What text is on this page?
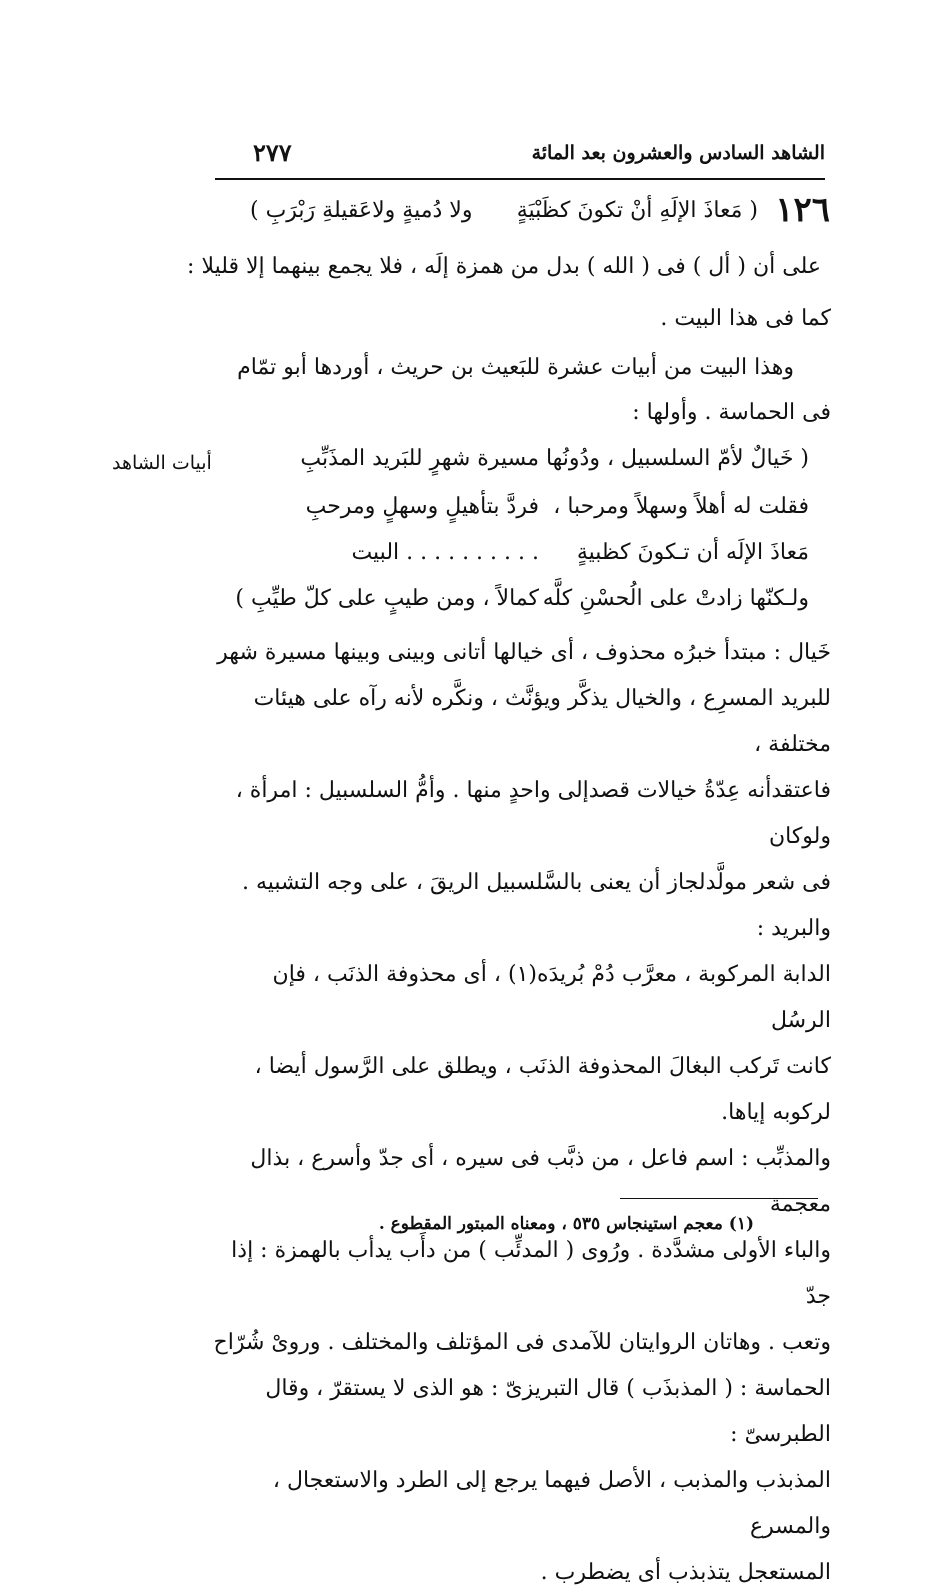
الشاهد السادس والعشرون بعد المائة
٢٧٧
١٢٦
( مَعاذَ الإلَهِ أنْ تكونَ كظَبْيَةٍ
ولا دُميةٍ ولاعَقيلةِ رَبْرَبِ )
على أن ( أل ) فى ( الله ) بدل من همزة إلَه ، فلا يجمع بينهما إلا قليلا :
كما فى هذا البيت .
وهذا البيت من أبيات عشرة للبَعيث بن حريث ، أوردها أبو تمّام
فى الحماسة . وأولها :
أبيات الشاهد	( خَيالٌ لأمّ السلسبيل ، ودُونُها
مسيرة شهرٍ للبَريد المذَبِّبِ
فقلت له أهلاً وسهلاً ومرحبا ،
فردَّ بتأهيلٍ وسهلٍ ومرحبِ
مَعاذَ الإلَه أن تـكونَ كظبيةٍ
. . . . . . . . . . البيت
ولـكنّها زادتْ على الُحسْنِ كلَّه
كمالاً ، ومن طيبٍ على كلّ طيِّبِ )
خَيال : مبتدأ خبرُه محذوف ، أى خيالها أتانى وبينى وبينها مسيرة شهر
للبريد المسرِع ، والخيال يذكَّر ويؤنَّث ، ونكَّره لأنه رآه على هيئات مختلفة ،
فاعتقدأنه عِدّةُ خيالات قصدإلى واحدٍ منها . وأمُّ السلسبيل : امرأة ، ولوكان
فى شعر مولَّدلجاز أن يعنى بالسَّلسبيل الريقَ ، على وجه التشبيه . والبريد :
الدابة المركوبة ، معرَّب دُمْ بُريدَه(١) ، أى محذوفة الذنَب ، فإن الرسُل
كانت تَركب البغالَ المحذوفة الذنَب ، ويطلق على الرَّسول أيضا ، لركوبه إياها.
والمذبِّب : اسم فاعل ، من ذبَّب فى سيره ، أى جدّ وأسرع ، بذال معجمة
والباء الأولى مشدَّدة . ورُوى ( المدئِّب ) من دأَب يدأب بالهمزة : إذا جدّ
وتعب . وهاتان الروايتان للآمدى فى المؤتلف والمختلف . وروىْ شُرّاح
الحماسة : ( المذبذَب ) قال التبريزىّ : هو الذى لا يستقرّ ، وقال الطبرسىّ :
المذبذب والمذبب ، الأصل فيهما يرجع إلى الطرد والاستعجال ، والمسرع
المستعجل يتذبذب أى يضطرب .
(١) معجم استينجاس ٥٣٥ ، ومعناه المبتور المقطوع .
